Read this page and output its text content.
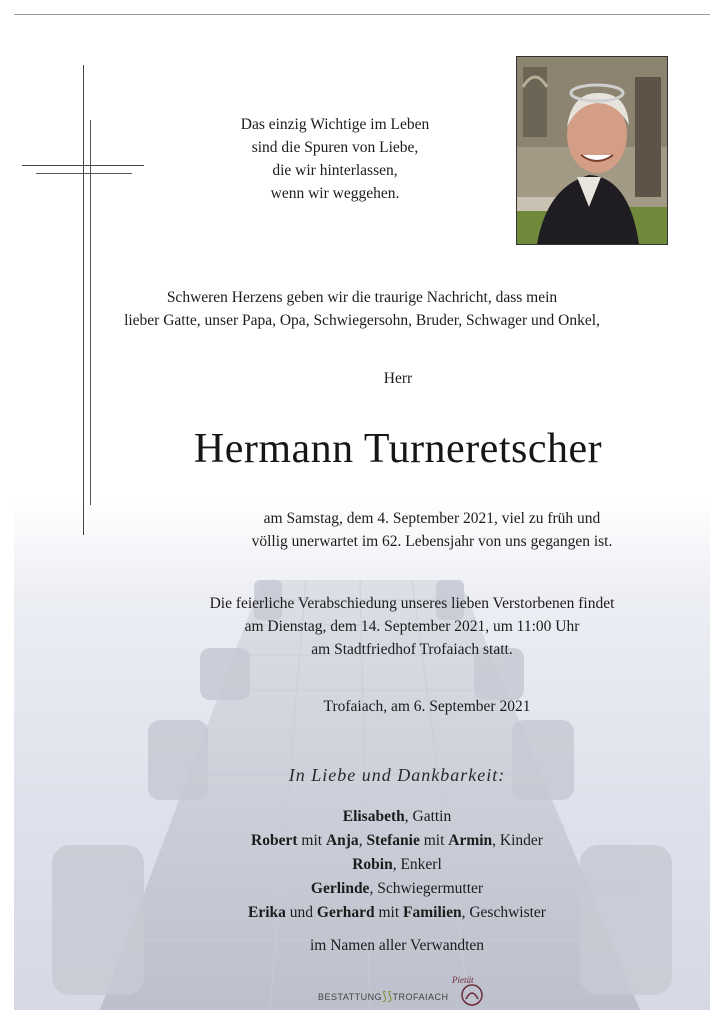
Das einzig Wichtige im Leben
sind die Spuren von Liebe,
die wir hinterlassen,
wenn wir weggehen.
Schweren Herzens geben wir die traurige Nachricht, dass mein
lieber Gatte, unser Papa, Opa, Schwiegersohn, Bruder, Schwager und Onkel,
Herr
Hermann Turneretscher
am Samstag, dem 4. September 2021, viel zu früh und
völlig unerwartet im 62. Lebensjahr von uns gegangen ist.
Die feierliche Verabschiedung unseres lieben Verstorbenen findet
am Dienstag, dem 14. September 2021, um 11:00 Uhr
am Stadtfriedhof Trofaiach statt.
Trofaiach, am 6. September 2021
In Liebe und Dankbarkeit:
Elisabeth, Gattin
Robert mit Anja, Stefanie mit Armin, Kinder
Robin, Enkerl
Gerlinde, Schwiegermutter
Erika und Gerhard mit Familien, Geschwister
im Namen aller Verwandten
BESTATTUNG⟆⟆TROFAIACH
Pietät
